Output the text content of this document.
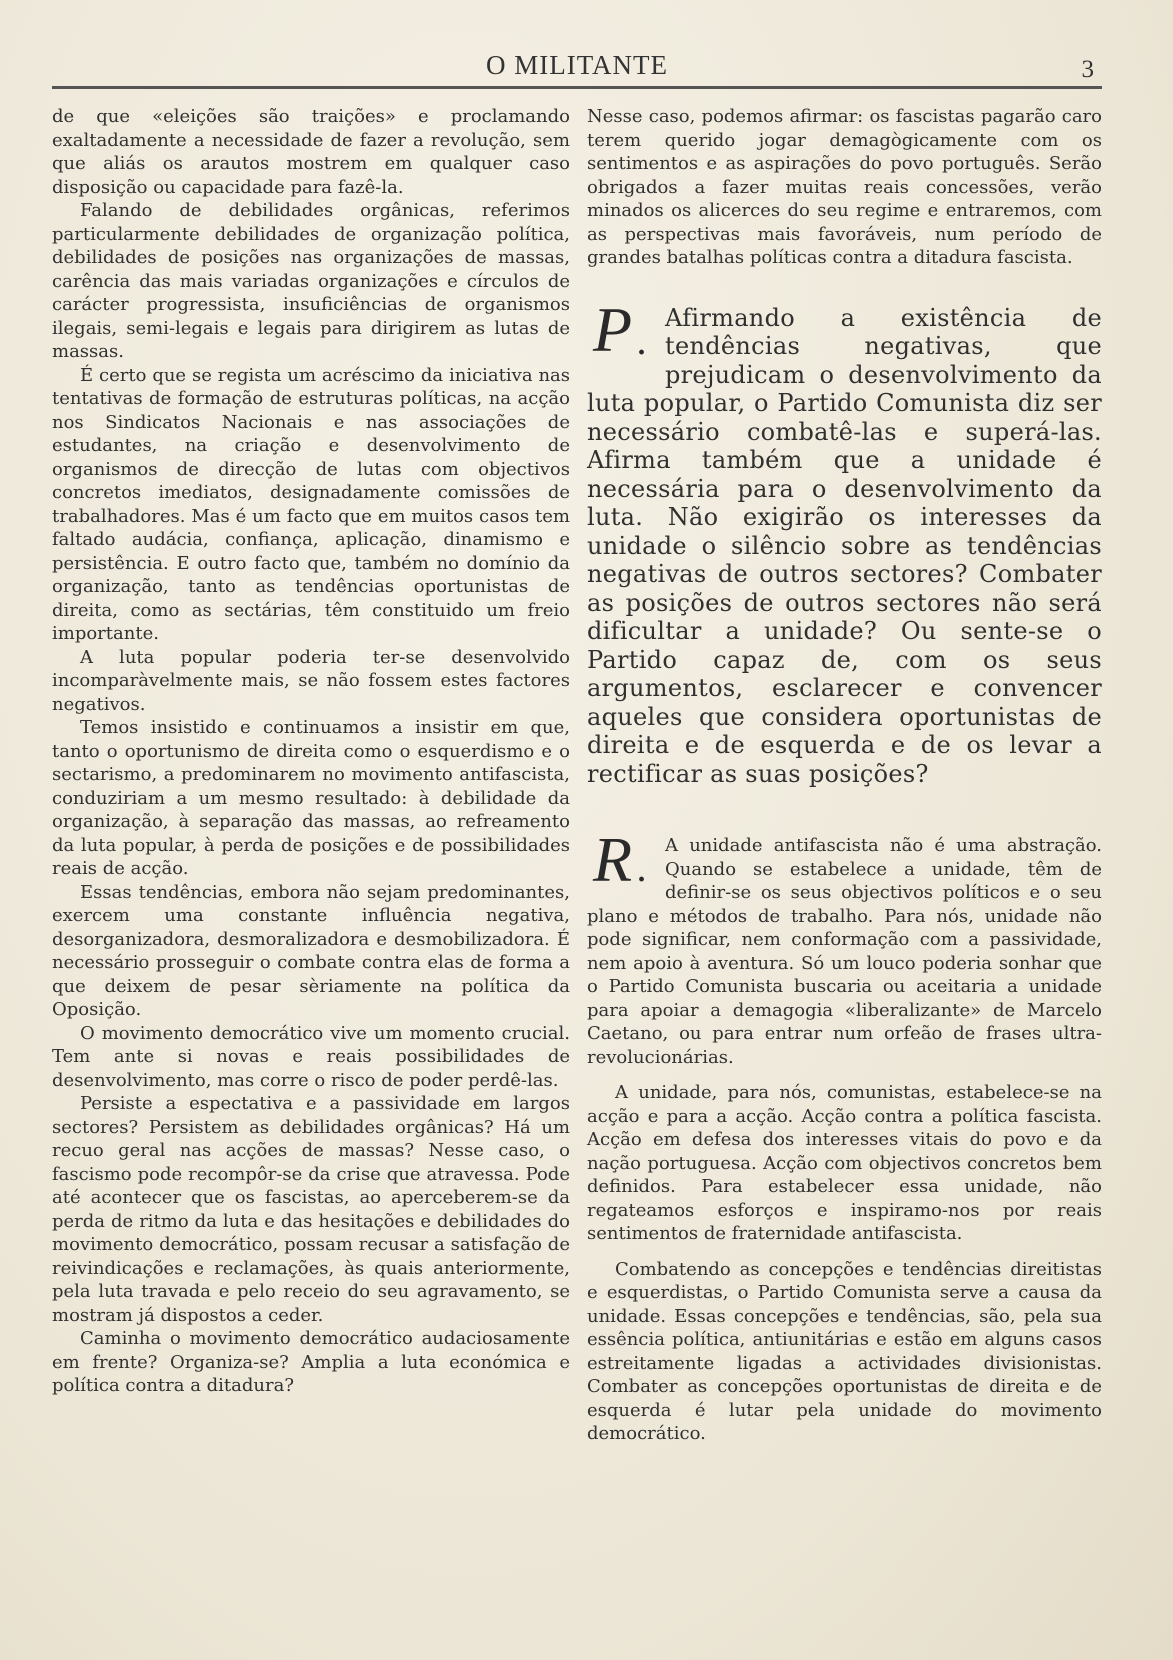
O MILITANTE	3

de que «eleições são traições» e proclamando exaltadamente a necessidade de fazer a revolução, sem que aliás os arautos mostrem em qualquer caso disposição ou capacidade para fazê-la.

Falando de debilidades orgânicas, referimos particularmente debilidades de organização política, debilidades de posições nas organizações de massas, carência das mais variadas organizações e círculos de carácter progressista, insuficiências de organismos ilegais, semi-legais e legais para dirigirem as lutas de massas.

É certo que se regista um acréscimo da iniciativa nas tentativas de formação de estruturas políticas, na acção nos Sindicatos Nacionais e nas associações de estudantes, na criação e desenvolvimento de organismos de direcção de lutas com objectivos concretos imediatos, designadamente comissões de trabalhadores. Mas é um facto que em muitos casos tem faltado audácia, confiança, aplicação, dinamismo e persistência. E outro facto que, também no domínio da organização, tanto as tendências oportunistas de direita, como as sectárias, têm constituido um freio importante.

A luta popular poderia ter-se desenvolvido incomparàvelmente mais, se não fossem estes factores negativos.

Temos insistido e continuamos a insistir em que, tanto o oportunismo de direita como o esquerdismo e o sectarismo, a predominarem no movimento antifascista, conduziriam a um mesmo resultado: à debilidade da organização, à separação das massas, ao refreamento da luta popular, à perda de posições e de possibilidades reais de acção.

Essas tendências, embora não sejam predominantes, exercem uma constante influência negativa, desorganizadora, desmoralizadora e desmobilizadora. É necessário prosseguir o combate contra elas de forma a que deixem de pesar sèriamente na política da Oposição.

O movimento democrático vive um momento crucial. Tem ante si novas e reais possibilidades de desenvolvimento, mas corre o risco de poder perdê-las.

Persiste a espectativa e a passividade em largos sectores? Persistem as debilidades orgânicas? Há um recuo geral nas acções de massas? Nesse caso, o fascismo pode recompôr-se da crise que atravessa. Pode até acontecer que os fascistas, ao aperceberem-se da perda de ritmo da luta e das hesitações e debilidades do movimento democrático, possam recusar a satisfação de reivindicações e reclamações, às quais anteriormente, pela luta travada e pelo receio do seu agravamento, se mostram já dispostos a ceder.

Caminha o movimento democrático audaciosamente em frente? Organiza-se? Amplia a luta económica e política contra a ditadura?

Nesse caso, podemos afirmar: os fascistas pagarão caro terem querido jogar demagògicamente com os sentimentos e as aspirações do povo português. Serão obrigados a fazer muitas reais concessões, verão minados os alicerces do seu regime e entraremos, com as perspectivas mais favoráveis, num período de grandes batalhas políticas contra a ditadura fascista.

P .

Afirmando a existência de tendências negativas, que prejudicam o desenvolvimento da luta popular, o Partido Comunista diz ser necessário combatê-las e superá-las. Afirma também que a unidade é necessária para o desenvolvimento da luta. Não exigirão os interesses da unidade o silêncio sobre as tendências negativas de outros sectores? Combater as posições de outros sectores não será dificultar a unidade? Ou sente-se o Partido capaz de, com os seus argumentos, esclarecer e convencer aqueles que considera oportunistas de direita e de esquerda e de os levar a rectificar as suas posições?

R .

A unidade antifascista não é uma abstração. Quando se estabelece a unidade, têm de definir-se os seus objectivos políticos e o seu plano e métodos de trabalho. Para nós, unidade não pode significar, nem conformação com a passividade, nem apoio à aventura. Só um louco poderia sonhar que o Partido Comunista buscaria ou aceitaria a unidade para apoiar a demagogia «liberalizante» de Marcelo Caetano, ou para entrar num orfeão de frases ultra-revolucionárias.

A unidade, para nós, comunistas, estabelece-se na acção e para a acção. Acção contra a política fascista. Acção em defesa dos interesses vitais do povo e da nação portuguesa. Acção com objectivos concretos bem definidos. Para estabelecer essa unidade, não regateamos esforços e inspiramo-nos por reais sentimentos de fraternidade antifascista.

Combatendo as concepções e tendências direitistas e esquerdistas, o Partido Comunista serve a causa da unidade. Essas concepções e tendências, são, pela sua essência política, antiunitárias e estão em alguns casos estreitamente ligadas a actividades divisionistas. Combater as concepções oportunistas de direita e de esquerda é lutar pela unidade do movimento democrático.
